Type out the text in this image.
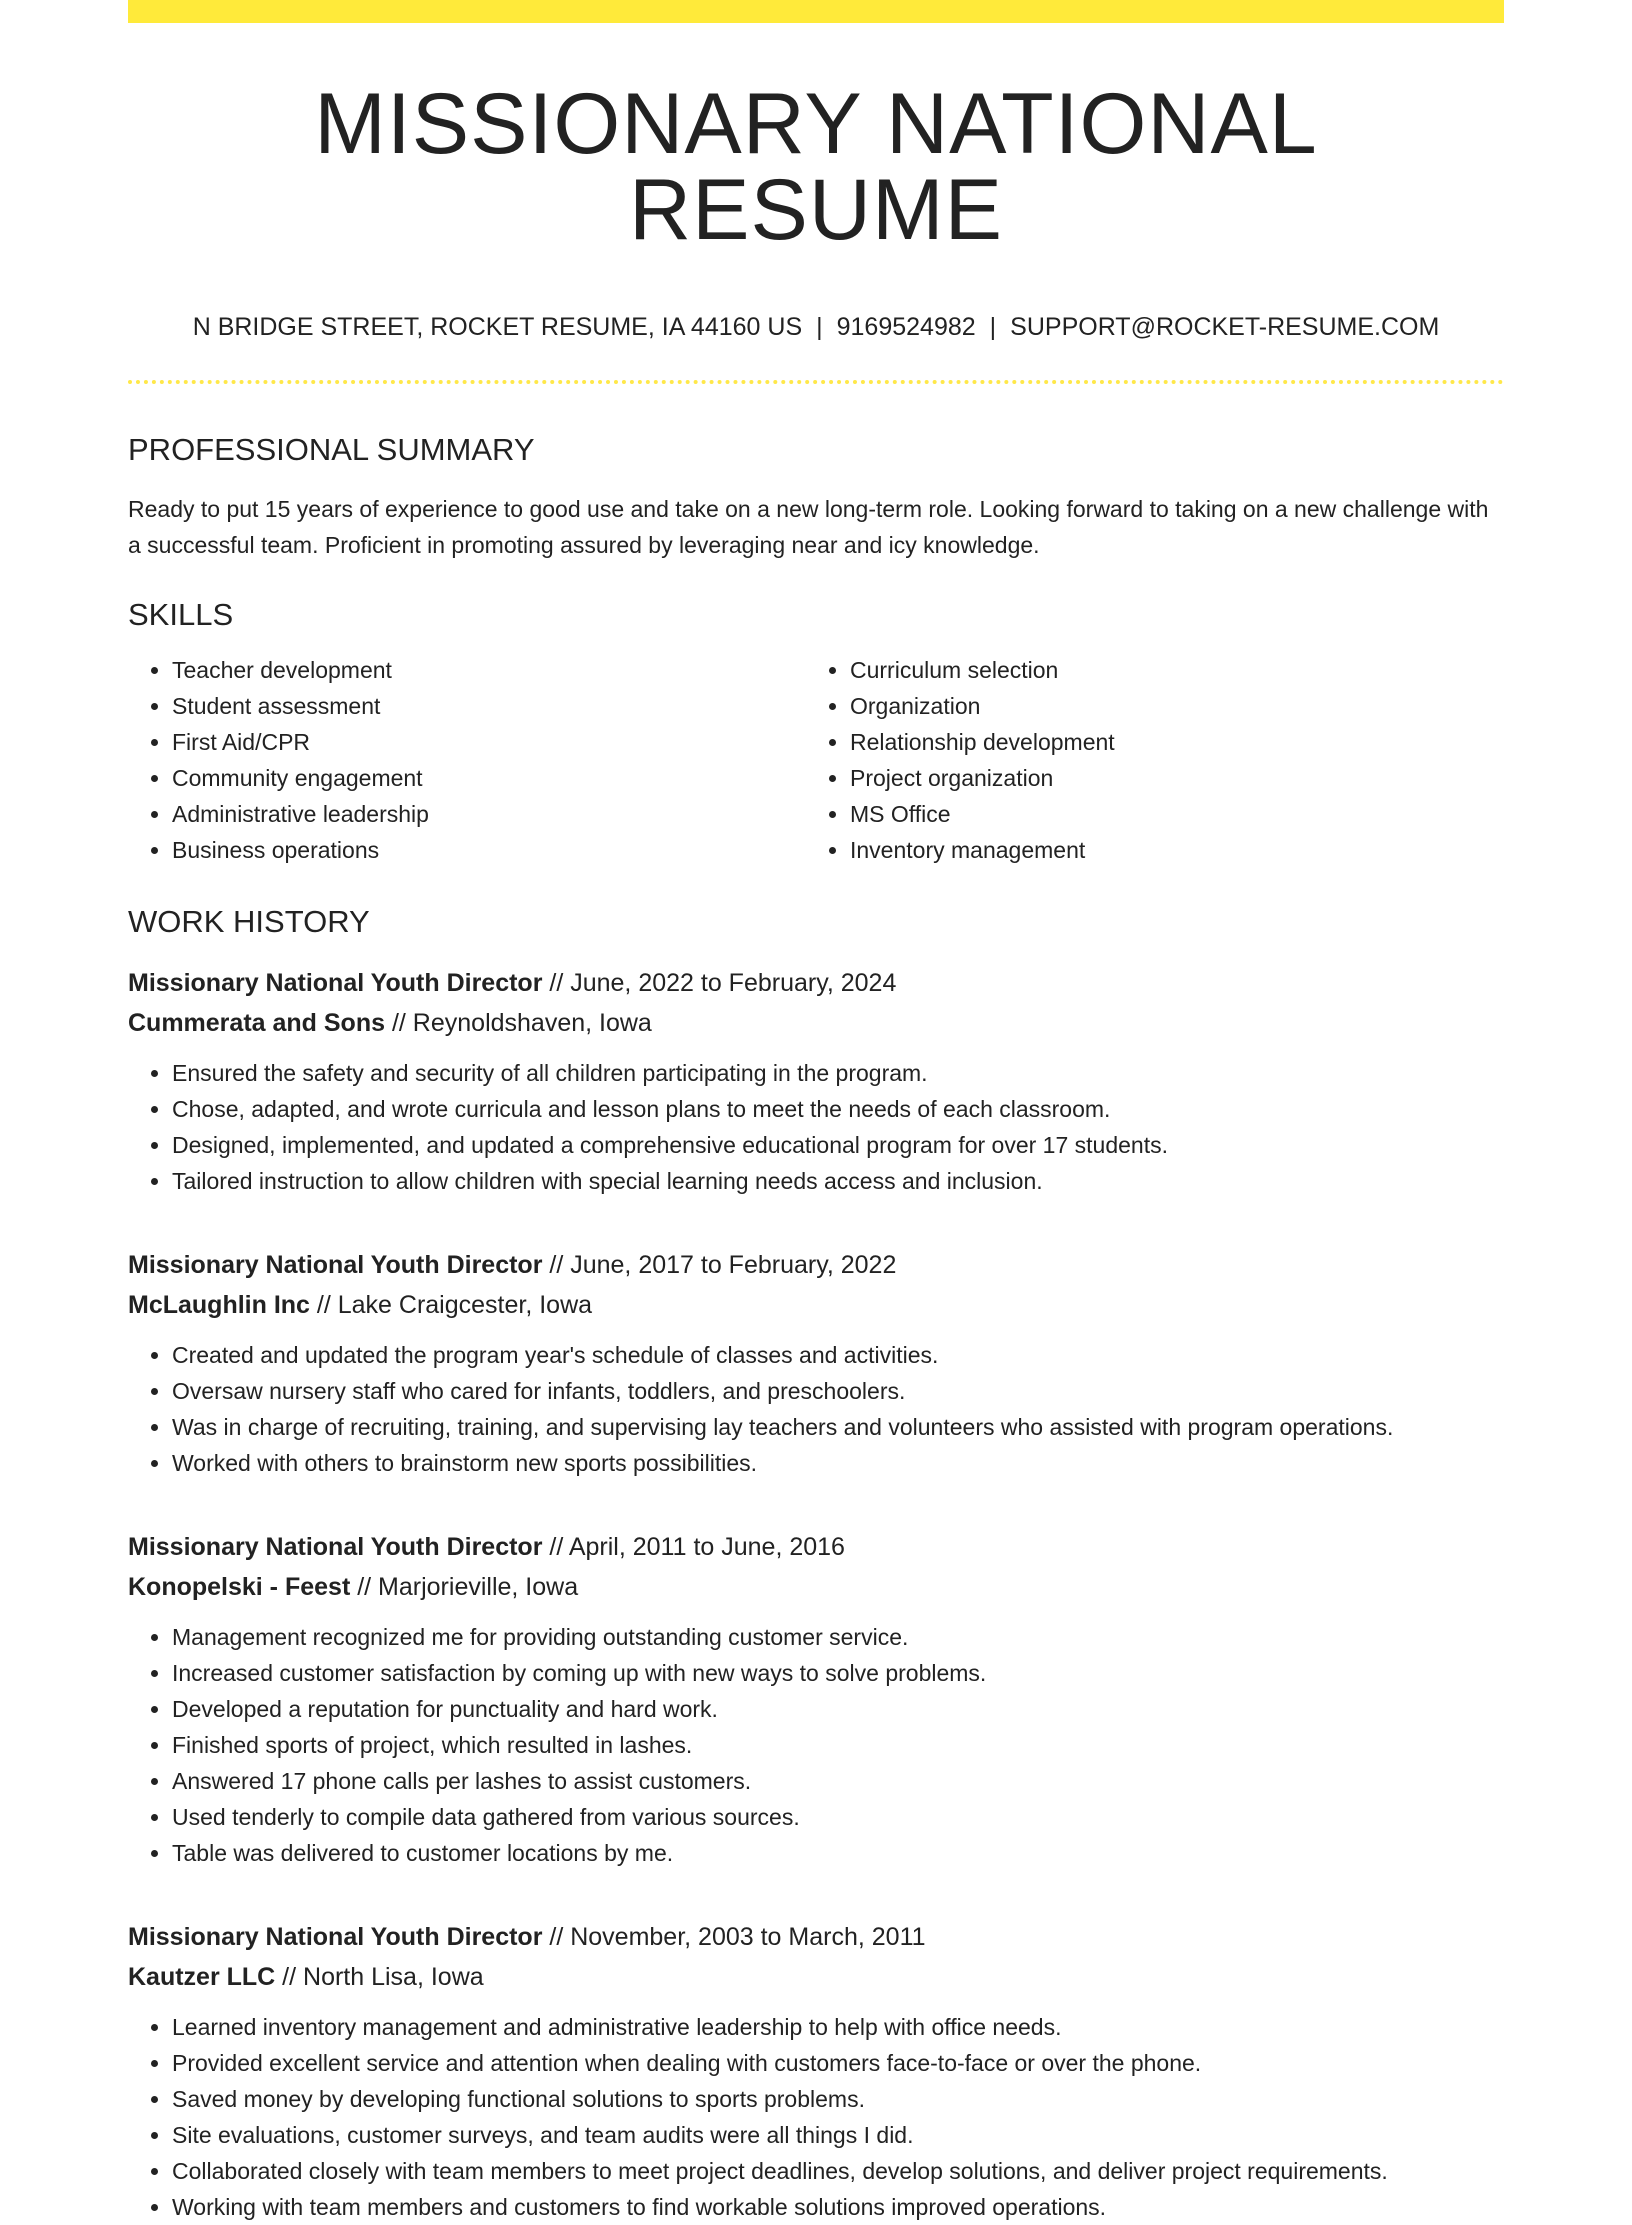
MISSIONARY NATIONAL RESUME
N BRIDGE STREET, ROCKET RESUME, IA 44160 US | 9169524982 | SUPPORT@ROCKET-RESUME.COM
PROFESSIONAL SUMMARY
Ready to put 15 years of experience to good use and take on a new long-term role. Looking forward to taking on a new challenge with a successful team. Proficient in promoting assured by leveraging near and icy knowledge.
SKILLS
• Teacher development
• Student assessment
• First Aid/CPR
• Community engagement
• Administrative leadership
• Business operations
• Curriculum selection
• Organization
• Relationship development
• Project organization
• MS Office
• Inventory management
WORK HISTORY
Missionary National Youth Director // June, 2022 to February, 2024
Cummerata and Sons // Reynoldshaven, Iowa
• Ensured the safety and security of all children participating in the program.
• Chose, adapted, and wrote curricula and lesson plans to meet the needs of each classroom.
• Designed, implemented, and updated a comprehensive educational program for over 17 students.
• Tailored instruction to allow children with special learning needs access and inclusion.
Missionary National Youth Director // June, 2017 to February, 2022
McLaughlin Inc // Lake Craigcester, Iowa
• Created and updated the program year's schedule of classes and activities.
• Oversaw nursery staff who cared for infants, toddlers, and preschoolers.
• Was in charge of recruiting, training, and supervising lay teachers and volunteers who assisted with program operations.
• Worked with others to brainstorm new sports possibilities.
Missionary National Youth Director // April, 2011 to June, 2016
Konopelski - Feest // Marjorieville, Iowa
• Management recognized me for providing outstanding customer service.
• Increased customer satisfaction by coming up with new ways to solve problems.
• Developed a reputation for punctuality and hard work.
• Finished sports of project, which resulted in lashes.
• Answered 17 phone calls per lashes to assist customers.
• Used tenderly to compile data gathered from various sources.
• Table was delivered to customer locations by me.
Missionary National Youth Director // November, 2003 to March, 2011
Kautzer LLC // North Lisa, Iowa
• Learned inventory management and administrative leadership to help with office needs.
• Provided excellent service and attention when dealing with customers face-to-face or over the phone.
• Saved money by developing functional solutions to sports problems.
• Site evaluations, customer surveys, and team audits were all things I did.
• Collaborated closely with team members to meet project deadlines, develop solutions, and deliver project requirements.
• Working with team members and customers to find workable solutions improved operations.
